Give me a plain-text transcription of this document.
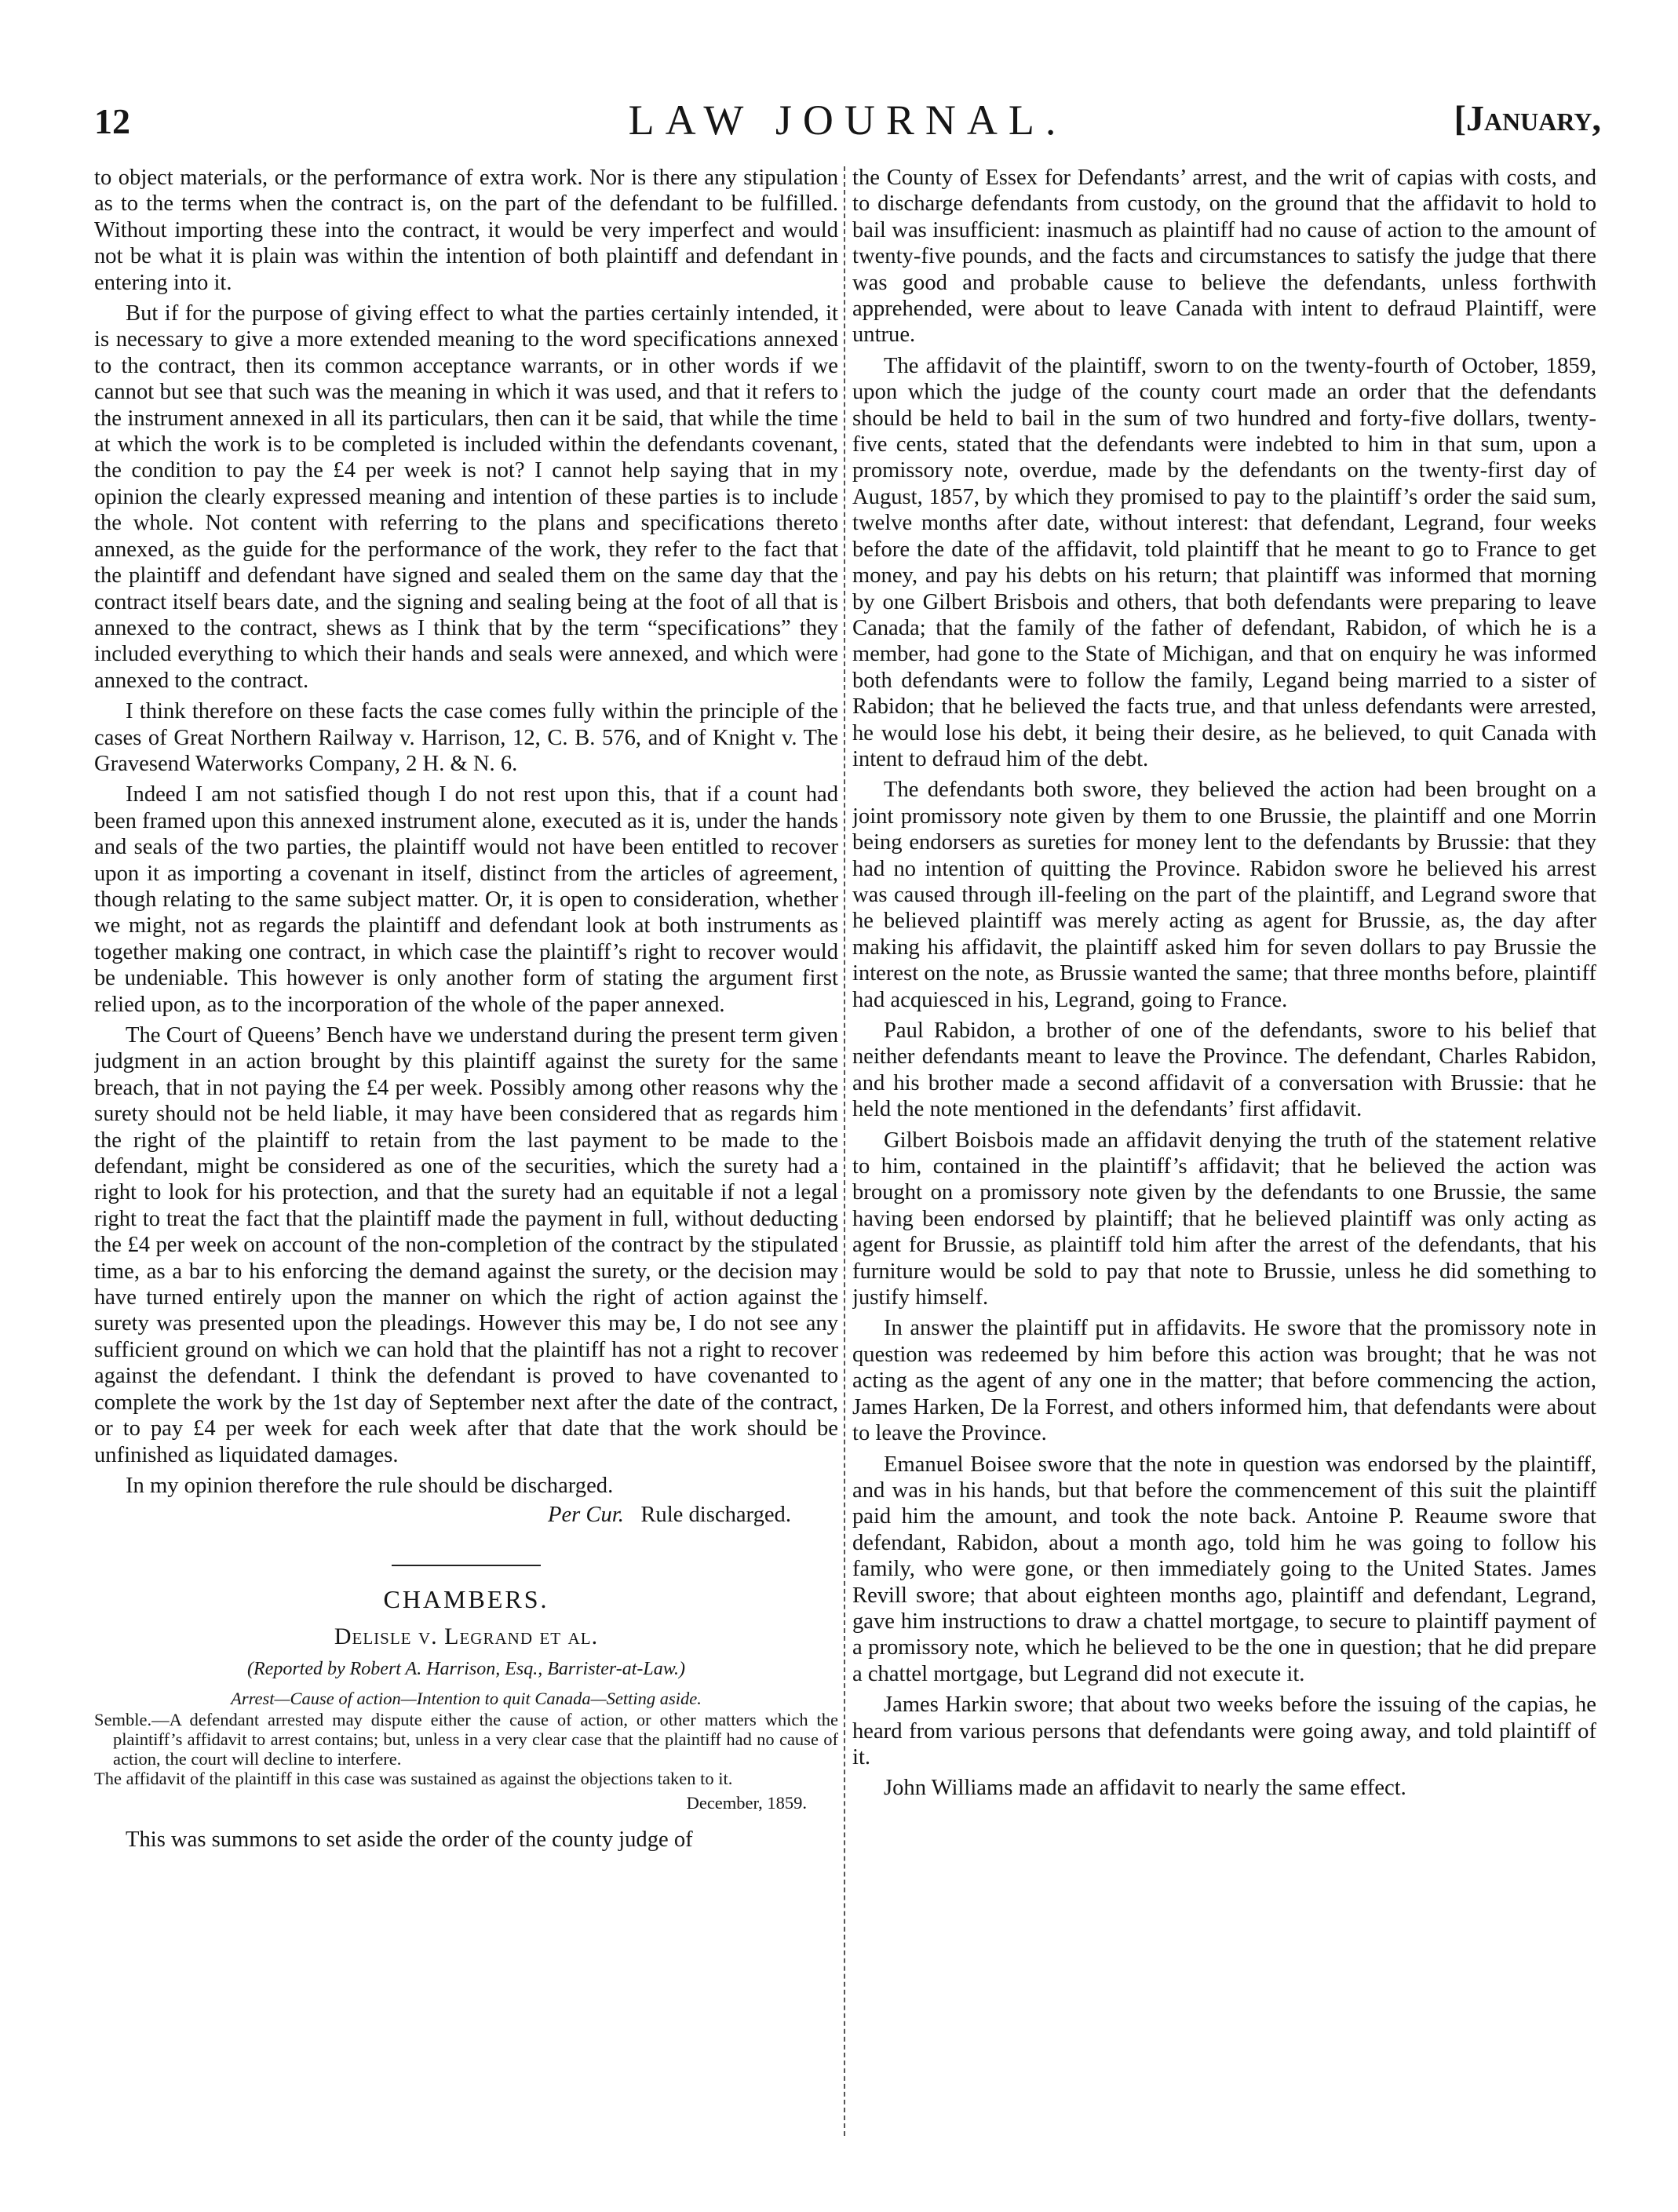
12	LAW JOURNAL.	[January,

to object materials, or the performance of extra work. Nor is there any stipulation as to the terms when the contract is, on the part of the defendant to be fulfilled. Without importing these into the contract, it would be very imperfect and would not be what it is plain was within the intention of both plaintiff and defendant in entering into it.

But if for the purpose of giving effect to what the parties certainly intended, it is necessary to give a more extended meaning to the word specifications annexed to the contract, then its common acceptance warrants, or in other words if we cannot but see that such was the meaning in which it was used, and that it refers to the instrument annexed in all its particulars, then can it be said, that while the time at which the work is to be completed is included within the defendants covenant, the condition to pay the £4 per week is not? I cannot help saying that in my opinion the clearly expressed meaning and intention of these parties is to include the whole. Not content with referring to the plans and specifications thereto annexed, as the guide for the performance of the work, they refer to the fact that the plaintiff and defendant have signed and sealed them on the same day that the contract itself bears date, and the signing and sealing being at the foot of all that is annexed to the contract, shews as I think that by the term “specifications” they included everything to which their hands and seals were annexed, and which were annexed to the contract.

I think therefore on these facts the case comes fully within the principle of the cases of Great Northern Railway v. Harrison, 12, C. B. 576, and of Knight v. The Gravesend Waterworks Company, 2 H. & N. 6.

Indeed I am not satisfied though I do not rest upon this, that if a count had been framed upon this annexed instrument alone, executed as it is, under the hands and seals of the two parties, the plaintiff would not have been entitled to recover upon it as importing a covenant in itself, distinct from the articles of agreement, though relating to the same subject matter. Or, it is open to consideration, whether we might, not as regards the plaintiff and defendant look at both instruments as together making one contract, in which case the plaintiff’s right to recover would be undeniable. This however is only another form of stating the argument first relied upon, as to the incorporation of the whole of the paper annexed.

The Court of Queens’ Bench have we understand during the present term given judgment in an action brought by this plaintiff against the surety for the same breach, that in not paying the £4 per week. Possibly among other reasons why the surety should not be held liable, it may have been considered that as regards him the right of the plaintiff to retain from the last payment to be made to the defendant, might be considered as one of the securities, which the surety had a right to look for his protection, and that the surety had an equitable if not a legal right to treat the fact that the plaintiff made the payment in full, without deducting the £4 per week on account of the non-completion of the contract by the stipulated time, as a bar to his enforcing the demand against the surety, or the decision may have turned entirely upon the manner on which the right of action against the surety was presented upon the pleadings. However this may be, I do not see any sufficient ground on which we can hold that the plaintiff has not a right to recover against the defendant. I think the defendant is proved to have covenanted to complete the work by the 1st day of September next after the date of the contract, or to pay £4 per week for each week after that date that the work should be unfinished as liquidated damages.

In my opinion therefore the rule should be discharged.

Per Cur. Rule discharged.

CHAMBERS.
Delisle v. Legrand et al.
(Reported by Robert A. Harrison, Esq., Barrister-at-Law.)
Arrest—Cause of action—Intention to quit Canada—Setting aside.

Semble.—A defendant arrested may dispute either the cause of action, or other matters which the plaintiff’s affidavit to arrest contains; but, unless in a very clear case that the plaintiff had no cause of action, the court will decline to interfere.

The affidavit of the plaintiff in this case was sustained as against the objections taken to it.

December, 1859.

This was summons to set aside the order of the county judge of

the County of Essex for Defendants’ arrest, and the writ of capias with costs, and to discharge defendants from custody, on the ground that the affidavit to hold to bail was insufficient: inasmuch as plaintiff had no cause of action to the amount of twenty-five pounds, and the facts and circumstances to satisfy the judge that there was good and probable cause to believe the defendants, unless forthwith apprehended, were about to leave Canada with intent to defraud Plaintiff, were untrue.

The affidavit of the plaintiff, sworn to on the twenty-fourth of October, 1859, upon which the judge of the county court made an order that the defendants should be held to bail in the sum of two hundred and forty-five dollars, twenty-five cents, stated that the defendants were indebted to him in that sum, upon a promissory note, overdue, made by the defendants on the twenty-first day of August, 1857, by which they promised to pay to the plaintiff’s order the said sum, twelve months after date, without interest: that defendant, Legrand, four weeks before the date of the affidavit, told plaintiff that he meant to go to France to get money, and pay his debts on his return; that plaintiff was informed that morning by one Gilbert Brisbois and others, that both defendants were preparing to leave Canada; that the family of the father of defendant, Rabidon, of which he is a member, had gone to the State of Michigan, and that on enquiry he was informed both defendants were to follow the family, Legand being married to a sister of Rabidon; that he believed the facts true, and that unless defendants were arrested, he would lose his debt, it being their desire, as he believed, to quit Canada with intent to defraud him of the debt.

The defendants both swore, they believed the action had been brought on a joint promissory note given by them to one Brussie, the plaintiff and one Morrin being endorsers as sureties for money lent to the defendants by Brussie: that they had no intention of quitting the Province. Rabidon swore he believed his arrest was caused through ill-feeling on the part of the plaintiff, and Legrand swore that he believed plaintiff was merely acting as agent for Brussie, as, the day after making his affidavit, the plaintiff asked him for seven dollars to pay Brussie the interest on the note, as Brussie wanted the same; that three months before, plaintiff had acquiesced in his, Legrand, going to France.

Paul Rabidon, a brother of one of the defendants, swore to his belief that neither defendants meant to leave the Province. The defendant, Charles Rabidon, and his brother made a second affidavit of a conversation with Brussie: that he held the note mentioned in the defendants’ first affidavit.

Gilbert Boisbois made an affidavit denying the truth of the statement relative to him, contained in the plaintiff’s affidavit; that he believed the action was brought on a promissory note given by the defendants to one Brussie, the same having been endorsed by plaintiff; that he believed plaintiff was only acting as agent for Brussie, as plaintiff told him after the arrest of the defendants, that his furniture would be sold to pay that note to Brussie, unless he did something to justify himself.

In answer the plaintiff put in affidavits. He swore that the promissory note in question was redeemed by him before this action was brought; that he was not acting as the agent of any one in the matter; that before commencing the action, James Harken, De la Forrest, and others informed him, that defendants were about to leave the Province.

Emanuel Boisee swore that the note in question was endorsed by the plaintiff, and was in his hands, but that before the commencement of this suit the plaintiff paid him the amount, and took the note back. Antoine P. Reaume swore that defendant, Rabidon, about a month ago, told him he was going to follow his family, who were gone, or then immediately going to the United States. James Revill swore; that about eighteen months ago, plaintiff and defendant, Legrand, gave him instructions to draw a chattel mortgage, to secure to plaintiff payment of a promissory note, which he believed to be the one in question; that he did prepare a chattel mortgage, but Legrand did not execute it.

James Harkin swore; that about two weeks before the issuing of the capias, he heard from various persons that defendants were going away, and told plaintiff of it.

John Williams made an affidavit to nearly the same effect.
